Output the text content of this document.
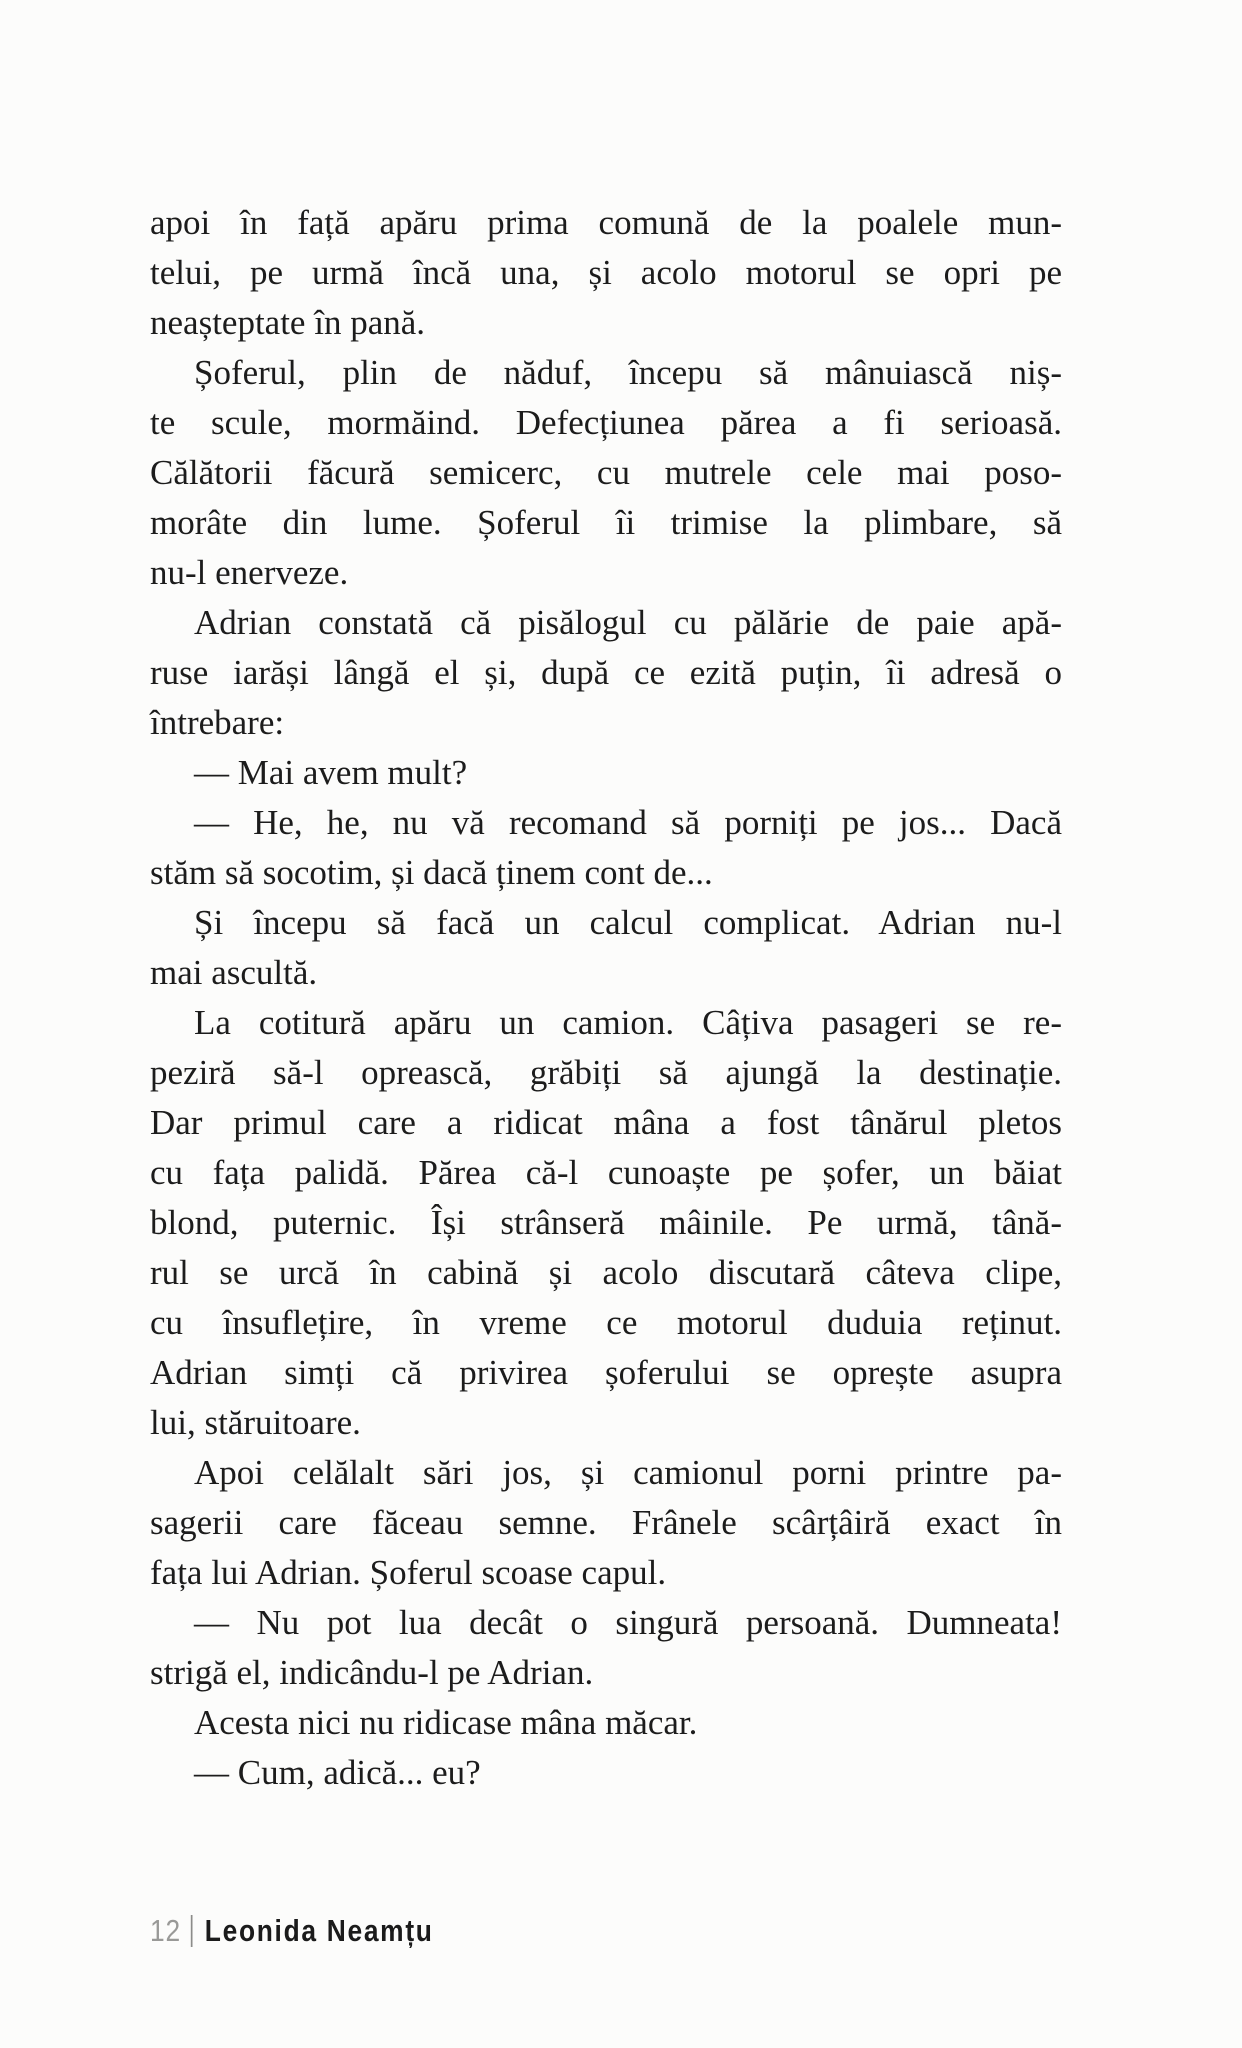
apoi în față apăru prima comună de la poalele mun-
telui, pe urmă încă una, și acolo motorul se opri pe
neașteptate în pană.
Șoferul, plin de năduf, începu să mânuiască niș-
te scule, mormăind. Defecțiunea părea a fi serioasă.
Călătorii făcură semicerc, cu mutrele cele mai poso-
morâte din lume. Șoferul îi trimise la plimbare, să
nu-l enerveze.
Adrian constată că pisălogul cu pălărie de paie apă-
ruse iarăși lângă el și, după ce ezită puțin, îi adresă o
întrebare:
— Mai avem mult?
— He, he, nu vă recomand să porniți pe jos... Dacă
stăm să socotim, și dacă ținem cont de...
Și începu să facă un calcul complicat. Adrian nu-l
mai ascultă.
La cotitură apăru un camion. Câțiva pasageri se re-
peziră să-l oprească, grăbiți să ajungă la destinație.
Dar primul care a ridicat mâna a fost tânărul pletos
cu fața palidă. Părea că-l cunoaște pe șofer, un băiat
blond, puternic. Își strânseră mâinile. Pe urmă, tână-
rul se urcă în cabină și acolo discutară câteva clipe,
cu însuflețire, în vreme ce motorul duduia reținut.
Adrian simți că privirea șoferului se oprește asupra
lui, stăruitoare.
Apoi celălalt sări jos, și camionul porni printre pa-
sagerii care făceau semne. Frânele scârțâiră exact în
fața lui Adrian. Șoferul scoase capul.
— Nu pot lua decât o singură persoană. Dumneata!
strigă el, indicându-l pe Adrian.
Acesta nici nu ridicase mâna măcar.
— Cum, adică... eu?
12 Leonida Neamțu
